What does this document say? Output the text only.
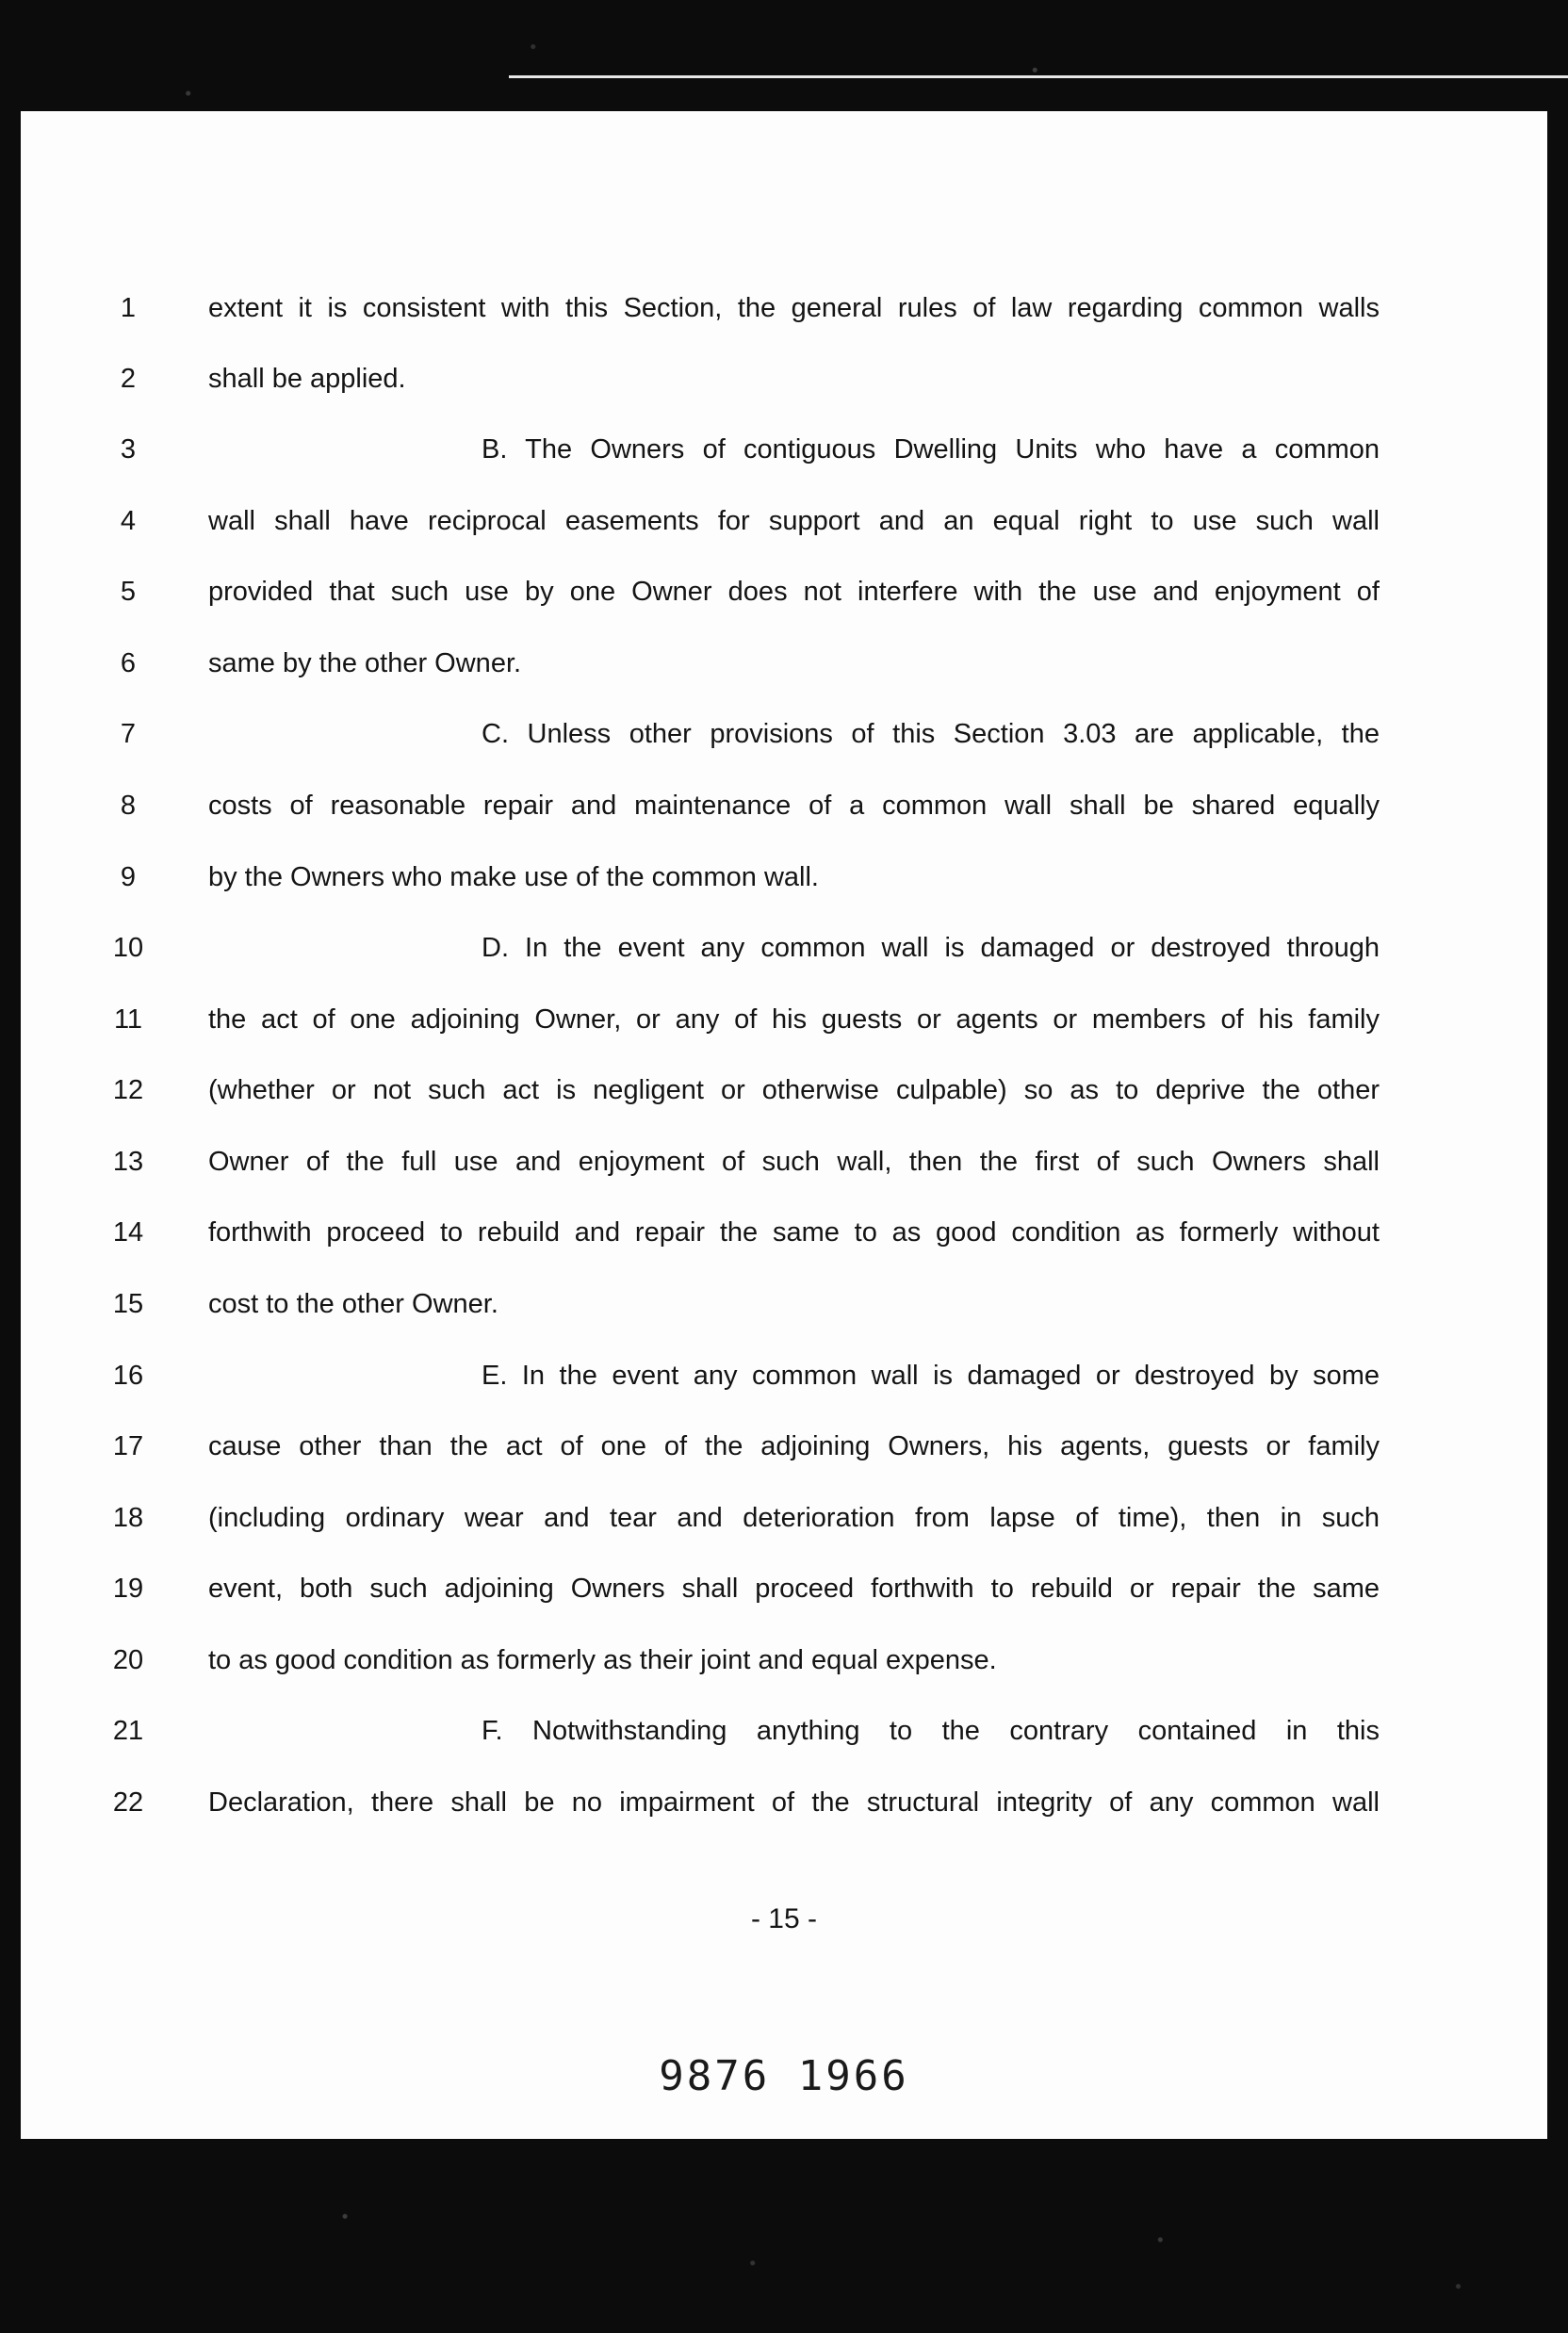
1	extent it is consistent with this Section, the general rules of law regarding common walls
2	shall be applied.
3	B. The Owners of contiguous Dwelling Units who have a common
4	wall shall have reciprocal easements for support and an equal right to use such wall
5	provided that such use by one Owner does not interfere with the use and enjoyment of
6	same by the other Owner.
7	C. Unless other provisions of this Section 3.03 are applicable, the
8	costs of reasonable repair and maintenance of a common wall shall be shared equally
9	by the Owners who make use of the common wall.
10	D. In the event any common wall is damaged or destroyed through
11	the act of one adjoining Owner, or any of his guests or agents or members of his family
12	(whether or not such act is negligent or otherwise culpable) so as to deprive the other
13	Owner of the full use and enjoyment of such wall, then the first of such Owners shall
14	forthwith proceed to rebuild and repair the same to as good condition as formerly without
15	cost to the other Owner.
16	E. In the event any common wall is damaged or destroyed by some
17	cause other than the act of one of the adjoining Owners, his agents, guests or family
18	(including ordinary wear and tear and deterioration from lapse of time), then in such
19	event, both such adjoining Owners shall proceed forthwith to rebuild or repair the same
20	to as good condition as formerly as their joint and equal expense.
21	F. Notwithstanding anything to the contrary contained in this
22	Declaration, there shall be no impairment of the structural integrity of any common wall
- 15 -
9876 1966
